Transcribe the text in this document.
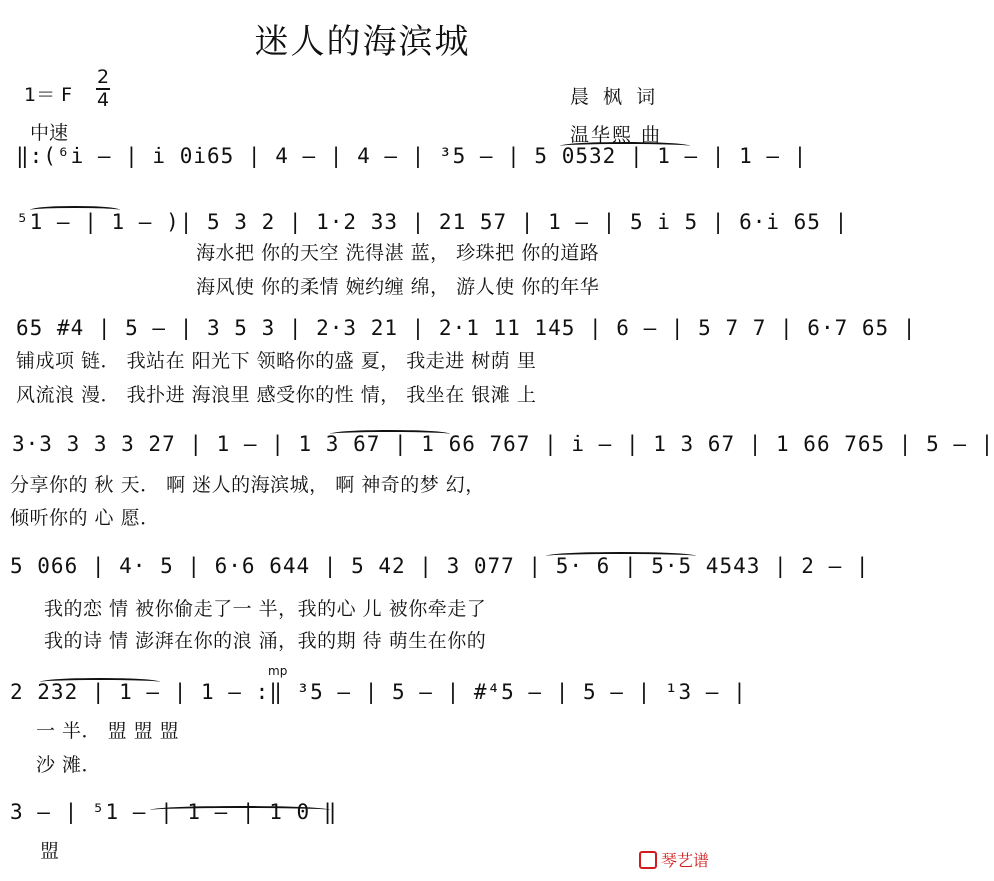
迷人的海滨城
1＝ F
2
4
中速
晨 枫 词
温华熙 曲
‖:(⁶i̇ ― | i̇ 0i̇65 | 4 ― | 4 ― | ³5 ― | 5 0532 | 1 ― | 1 ― |
⁵1 ― | 1 ― )| 5 3 2 | 1·2 33 | 21 57 | 1 ― | 5 i̇ 5 | 6·i̇ 65 |
海水把 你的天空 洗得湛 蓝， 珍珠把 你的道路
海风使 你的柔情 婉约缠 绵， 游人使 你的年华
65 #4 | 5 ― | 3 5 3 | 2·3 21 | 2·1 11 145 | 6 ― | 5 7 7 | 6·7 65 |
铺成项 链． 我站在 阳光下 领略你的盛 夏， 我走进 树荫 里
风流浪 漫． 我扑进 海浪里 感受你的性 情， 我坐在 银滩 上
3·3 3 3 3 27 | 1 ― | 1 3 67 | 1 66 767 | i̇ ― | 1 3 67 | 1 66 765 | 5 ― |
分享你的 秋 天． 啊 迷人的海滨城， 啊 神奇的梦 幻，
倾听你的 心 愿．
5 066 | 4· 5 | 6·6 644 | 5 42 | 3 077 | 5· 6 | 5·5 4543 | 2 ― |
我的恋 情 被你偷走了一 半，我的心 儿 被你牵走了
我的诗 情 澎湃在你的浪 涌，我的期 待 萌生在你的
mp
2 232 | 1 ― | 1 ― :‖ ³5 ― | 5 ― | #⁴5 ― | 5 ― | ¹3 ― |
一 半． 盟 盟 盟
沙 滩．
3 ― | ⁵1 ― | 1 ― | 1 0 ‖
盟	琴艺谱
